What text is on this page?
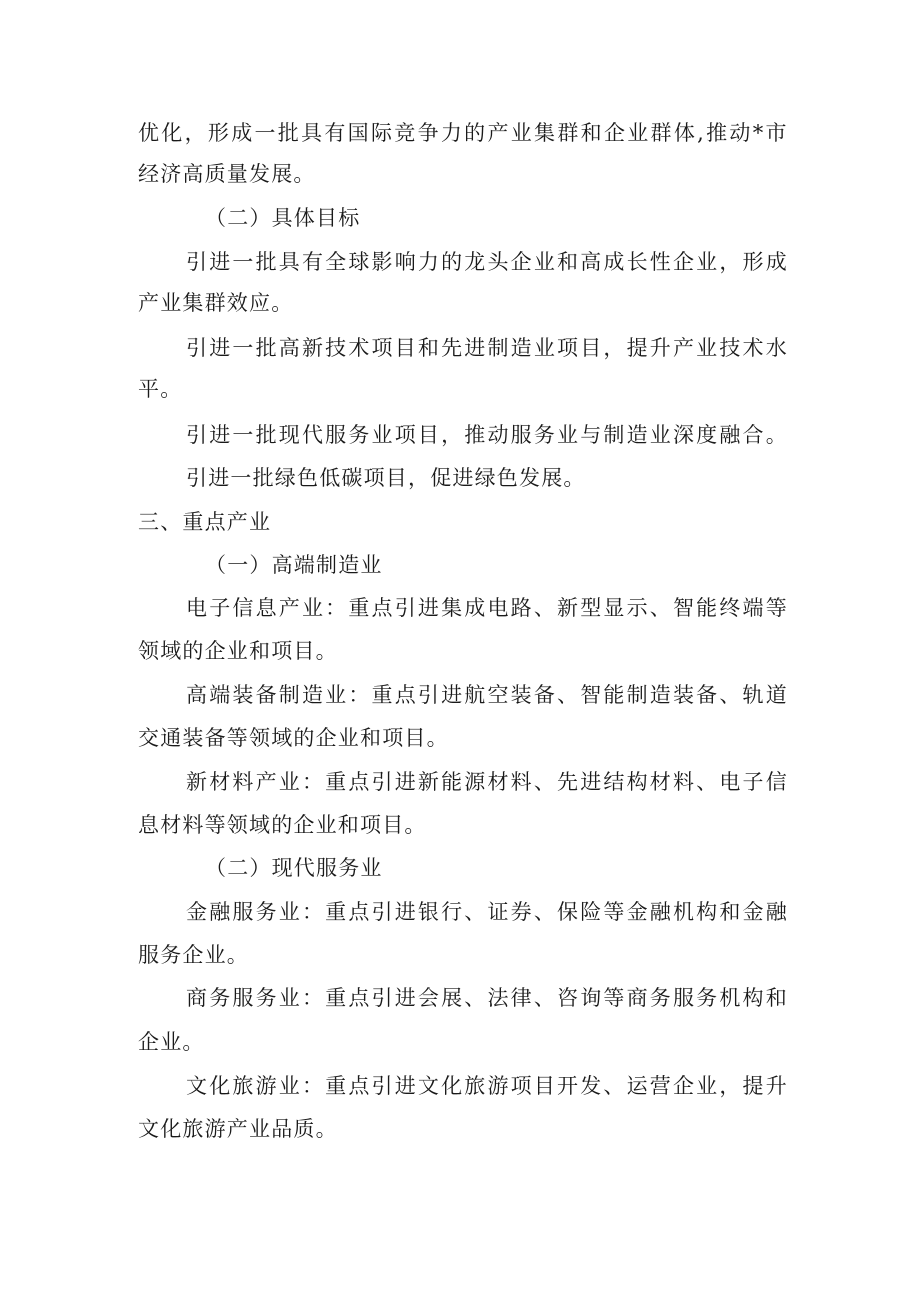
优 化 ， 形 成 一 批 具 有 国 际 竞 争 力 的 产 业 集 群 和 企 业 群 体 , 推 动 * 市
经济高质量发展。
（二）具体目标
引 进 一 批 具 有 全 球 影 响 力 的 龙 头 企 业 和 高 成 长 性 企 业 ， 形 成
产业集群效应。
引 进 一 批 高 新 技 术 项 目 和 先 进 制 造 业 项 目 ， 提 升 产 业 技 术 水
平。
引 进 一 批 现 代 服 务 业 项 目 ， 推 动 服 务 业 与 制 造 业 深 度 融 合 。
引进一批绿色低碳项目，促进绿色发展。
三、重点产业
（一）高端制造业
电 子 信 息 产 业 ： 重 点 引 进 集 成 电 路 、 新 型 显 示 、 智 能 终 端 等
领域的企业和项目。
高 端 装 备 制 造 业 ： 重 点 引 进 航 空 装 备 、 智 能 制 造 装 备 、 轨 道
交通装备等领域的企业和项目。
新 材 料 产 业 ： 重 点 引 进 新 能 源 材 料 、 先 进 结 构 材 料 、 电 子 信
息材料等领域的企业和项目。
（二）现代服务业
金 融 服 务 业 ： 重 点 引 进 银 行 、 证 券 、 保 险 等 金 融 机 构 和 金 融
服务企业。
商 务 服 务 业 ： 重 点 引 进 会 展 、 法 律 、 咨 询 等 商 务 服 务 机 构 和
企业。
文 化 旅 游 业 ： 重 点 引 进 文 化 旅 游 项 目 开 发 、 运 营 企 业 ， 提 升
文化旅游产业品质。
